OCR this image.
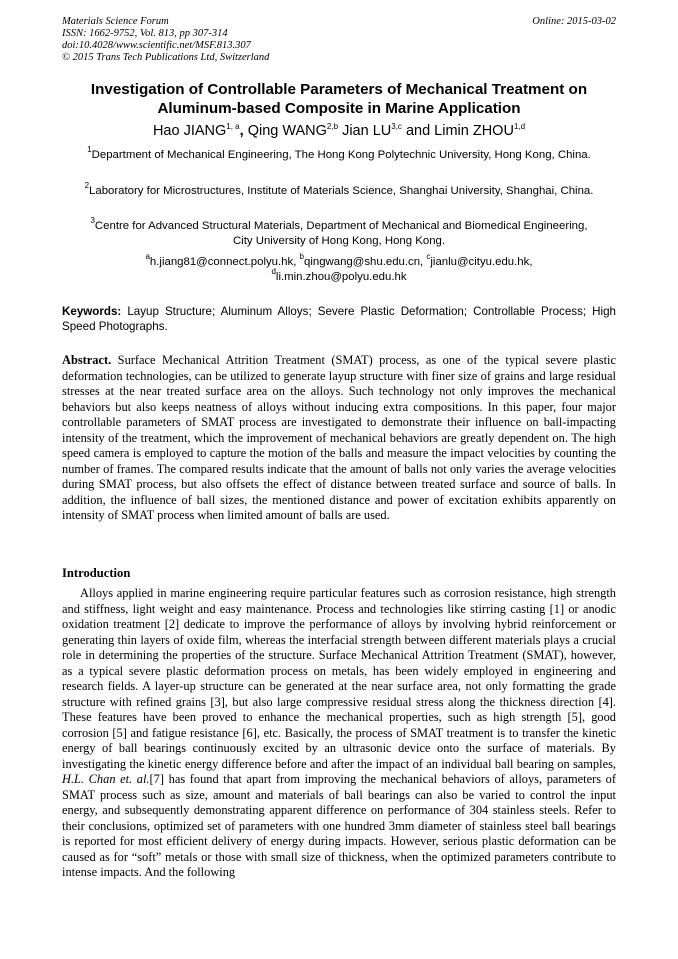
Materials Science Forum
ISSN: 1662-9752, Vol. 813, pp 307-314
doi:10.4028/www.scientific.net/MSF.813.307
© 2015 Trans Tech Publications Ltd, Switzerland
Online: 2015-03-02
Investigation of Controllable Parameters of Mechanical Treatment on Aluminum-based Composite in Marine Application
Hao JIANG$^{1, a}$, Qing WANG$^{2,b}$ Jian LU$^{3,c}$ and Limin ZHOU$^{1,d}$
$^1$Department of Mechanical Engineering, The Hong Kong Polytechnic University, Hong Kong, China.
$^2$Laboratory for Microstructures, Institute of Materials Science, Shanghai University, Shanghai, China.
$^3$Centre for Advanced Structural Materials, Department of Mechanical and Biomedical Engineering, City University of Hong Kong, Hong Kong.
$^a$h.jiang81@connect.polyu.hk, $^b$qingwang@shu.edu.cn, $^c$jianlu@cityu.edu.hk, $^d$li.min.zhou@polyu.edu.hk
Keywords: Layup Structure; Aluminum Alloys; Severe Plastic Deformation; Controllable Process; High Speed Photographs.
Abstract. Surface Mechanical Attrition Treatment (SMAT) process, as one of the typical severe plastic deformation technologies, can be utilized to generate layup structure with finer size of grains and large residual stresses at the near treated surface area on the alloys. Such technology not only improves the mechanical behaviors but also keeps neatness of alloys without inducing extra compositions. In this paper, four major controllable parameters of SMAT process are investigated to demonstrate their influence on ball-impacting intensity of the treatment, which the improvement of mechanical behaviors are greatly dependent on. The high speed camera is employed to capture the motion of the balls and measure the impact velocities by counting the number of frames. The compared results indicate that the amount of balls not only varies the average velocities during SMAT process, but also offsets the effect of distance between treated surface and source of balls. In addition, the influence of ball sizes, the mentioned distance and power of excitation exhibits apparently on intensity of SMAT process when limited amount of balls are used.
Introduction
Alloys applied in marine engineering require particular features such as corrosion resistance, high strength and stiffness, light weight and easy maintenance. Process and technologies like stirring casting [1] or anodic oxidation treatment [2] dedicate to improve the performance of alloys by involving hybrid reinforcement or generating thin layers of oxide film, whereas the interfacial strength between different materials plays a crucial role in determining the properties of the structure. Surface Mechanical Attrition Treatment (SMAT), however, as a typical severe plastic deformation process on metals, has been widely employed in engineering and research fields. A layer-up structure can be generated at the near surface area, not only formatting the grade structure with refined grains [3], but also large compressive residual stress along the thickness direction [4]. These features have been proved to enhance the mechanical properties, such as high strength [5], good corrosion [5] and fatigue resistance [6], etc. Basically, the process of SMAT treatment is to transfer the kinetic energy of ball bearings continuously excited by an ultrasonic device onto the surface of materials. By investigating the kinetic energy difference before and after the impact of an individual ball bearing on samples, H.L. Chan et. al.[7] has found that apart from improving the mechanical behaviors of alloys, parameters of SMAT process such as size, amount and materials of ball bearings can also be varied to control the input energy, and subsequently demonstrating apparent difference on performance of 304 stainless steels. Refer to their conclusions, optimized set of parameters with one hundred 3mm diameter of stainless steel ball bearings is reported for most efficient delivery of energy during impacts. However, serious plastic deformation can be caused as for “soft” metals or those with small size of thickness, when the optimized parameters contribute to intense impacts. And the following
